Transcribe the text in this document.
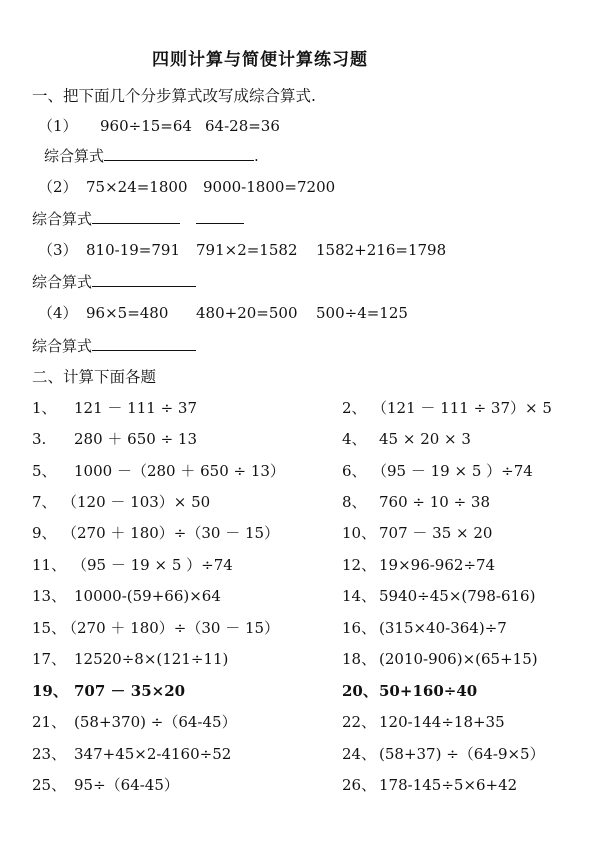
四则计算与简便计算练习题
一、把下面几个分步算式改写成综合算式.
（1） 960÷15=64 64-28=36
综合算式	.
（2） 75×24=1800 9000-1800=7200
综合算式
（3） 810-19=791 791×2=1582 1582+216=1798
综合算式
（4） 96×5=480 480+20=500 500÷4=125
综合算式
二、计算下面各题
1、 121 － 111 ÷ 37
3. 280 ＋ 650 ÷ 13
5、 1000 －（280 ＋ 650 ÷ 13）
7、 （120 － 103）× 50
9、 （270 ＋ 180）÷（30 － 15）
11、 （95 － 19 × 5 ）÷74
13、 10000-(59+66)×64
15、
（270 ＋ 180）÷（30 － 15）
17、 12520÷8×(121÷11)
19、 707 － 35×20
21、 (58+370) ÷（64-45）
23、 347+45×2-4160÷52
25、 95÷（64-45）
2、 （121 － 111 ÷ 37）× 5
4、 45 × 20 × 3
6、 （95 － 19 × 5 ）÷74
8、 760 ÷ 10 ÷ 38
10、 707 － 35 × 20
12、 19×96-962÷74
14、 5940÷45×(798-616)
16、 (315×40-364)÷7
18、 (2010-906)×(65+15)
20、 50+160÷40
22、 120-144÷18+35
24、 (58+37) ÷（64-9×5）
26、 178-145÷5×6+42
